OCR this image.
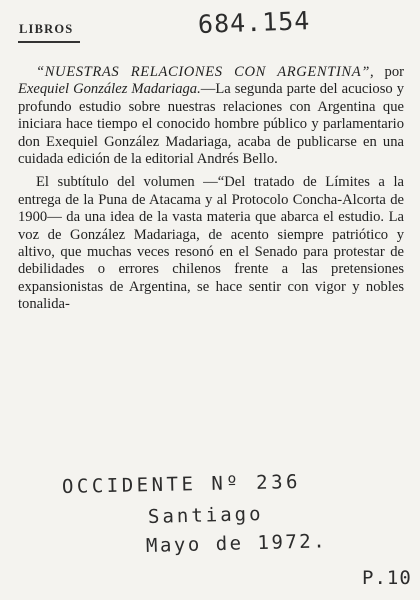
LIBROS	684.154

“NUESTRAS RELACIONES CON ARGENTINA”, por Exequiel González Madariaga.—La segunda parte del acucioso y profundo estudio sobre nuestras relaciones con Argentina que iniciara hace tiempo el conocido hombre público y parlamentario don Exequiel González Madariaga, acaba de publicarse en una cuidada edición de la editorial Andrés Bello.

El subtítulo del volumen —“Del tratado de Límites a la entrega de la Puna de Atacama y al Protocolo Concha-Alcorta de 1900— da una idea de la vasta materia que abarca el estudio. La voz de González Madariaga, de acento siempre patriótico y altivo, que muchas veces resonó en el Senado para protestar de debilidades o errores chilenos frente a las pretensiones expansionistas de Argentina, se hace sentir con vigor y nobles tonalida-

OCCIDENTE Nº 236
Santiago
Mayo de 1972.
P.10
